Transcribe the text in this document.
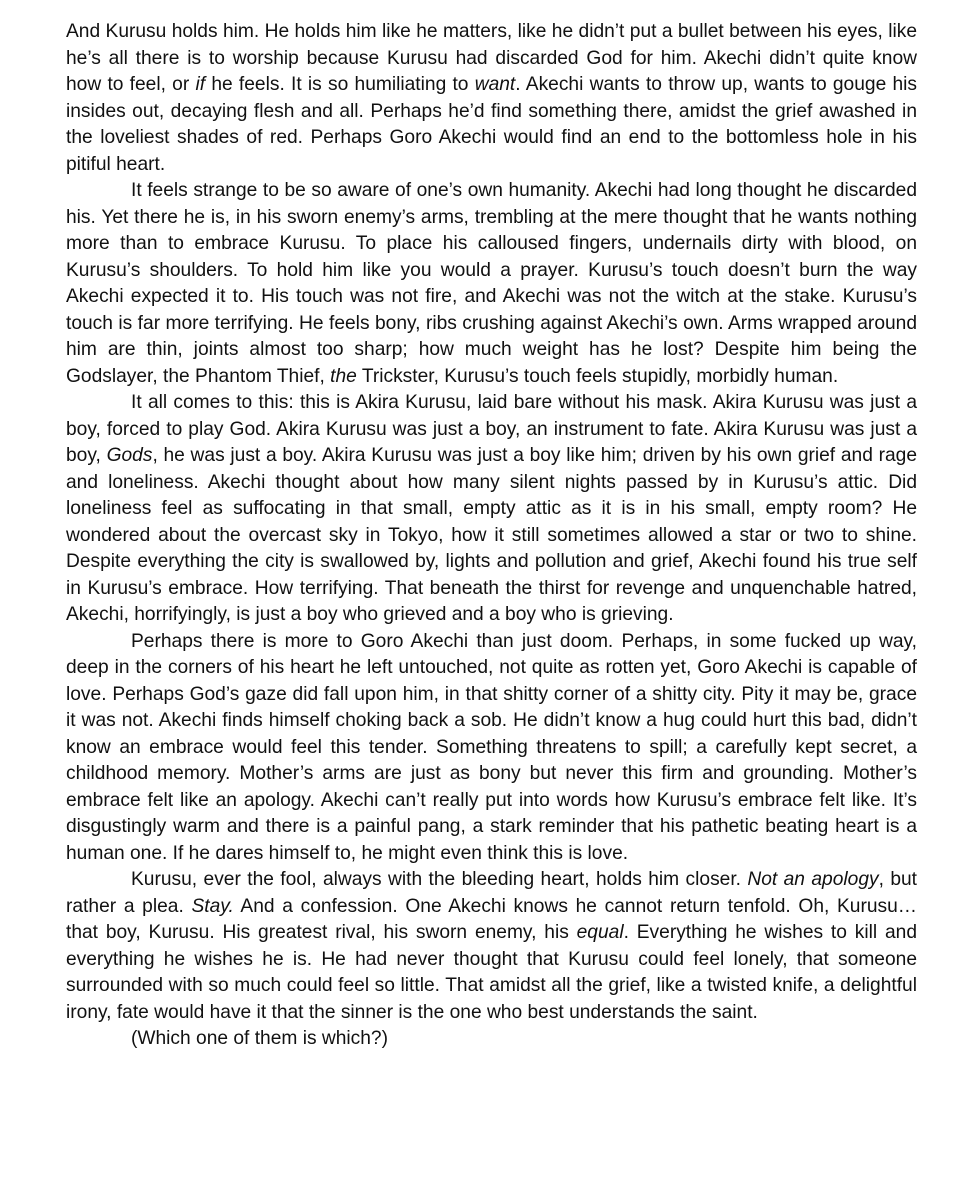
And Kurusu holds him. He holds him like he matters, like he didn’t put a bullet between his eyes, like he’s all there is to worship because Kurusu had discarded God for him. Akechi didn’t quite know how to feel, or if he feels. It is so humiliating to want. Akechi wants to throw up, wants to gouge his insides out, decaying flesh and all. Perhaps he’d find something there, amidst the grief awashed in the loveliest shades of red. Perhaps Goro Akechi would find an end to the bottomless hole in his pitiful heart.

It feels strange to be so aware of one’s own humanity. Akechi had long thought he discarded his. Yet there he is, in his sworn enemy’s arms, trembling at the mere thought that he wants nothing more than to embrace Kurusu. To place his calloused fingers, undernails dirty with blood, on Kurusu’s shoulders. To hold him like you would a prayer. Kurusu’s touch doesn’t burn the way Akechi expected it to. His touch was not fire, and Akechi was not the witch at the stake. Kurusu’s touch is far more terrifying. He feels bony, ribs crushing against Akechi’s own. Arms wrapped around him are thin, joints almost too sharp; how much weight has he lost? Despite him being the Godslayer, the Phantom Thief, the Trickster, Kurusu’s touch feels stupidly, morbidly human.

It all comes to this: this is Akira Kurusu, laid bare without his mask. Akira Kurusu was just a boy, forced to play God. Akira Kurusu was just a boy, an instrument to fate. Akira Kurusu was just a boy, Gods, he was just a boy. Akira Kurusu was just a boy like him; driven by his own grief and rage and loneliness. Akechi thought about how many silent nights passed by in Kurusu’s attic. Did loneliness feel as suffocating in that small, empty attic as it is in his small, empty room? He wondered about the overcast sky in Tokyo, how it still sometimes allowed a star or two to shine. Despite everything the city is swallowed by, lights and pollution and grief, Akechi found his true self in Kurusu’s embrace. How terrifying. That beneath the thirst for revenge and unquenchable hatred, Akechi, horrifyingly, is just a boy who grieved and a boy who is grieving.

Perhaps there is more to Goro Akechi than just doom. Perhaps, in some fucked up way, deep in the corners of his heart he left untouched, not quite as rotten yet, Goro Akechi is capable of love. Perhaps God’s gaze did fall upon him, in that shitty corner of a shitty city. Pity it may be, grace it was not. Akechi finds himself choking back a sob. He didn’t know a hug could hurt this bad, didn’t know an embrace would feel this tender. Something threatens to spill; a carefully kept secret, a childhood memory. Mother’s arms are just as bony but never this firm and grounding. Mother’s embrace felt like an apology. Akechi can’t really put into words how Kurusu’s embrace felt like. It’s disgustingly warm and there is a painful pang, a stark reminder that his pathetic beating heart is a human one. If he dares himself to, he might even think this is love.

Kurusu, ever the fool, always with the bleeding heart, holds him closer. Not an apology, but rather a plea. Stay. And a confession. One Akechi knows he cannot return tenfold. Oh, Kurusu… that boy, Kurusu. His greatest rival, his sworn enemy, his equal. Everything he wishes to kill and everything he wishes he is. He had never thought that Kurusu could feel lonely, that someone surrounded with so much could feel so little. That amidst all the grief, like a twisted knife, a delightful irony, fate would have it that the sinner is the one who best understands the saint.

(Which one of them is which?)
